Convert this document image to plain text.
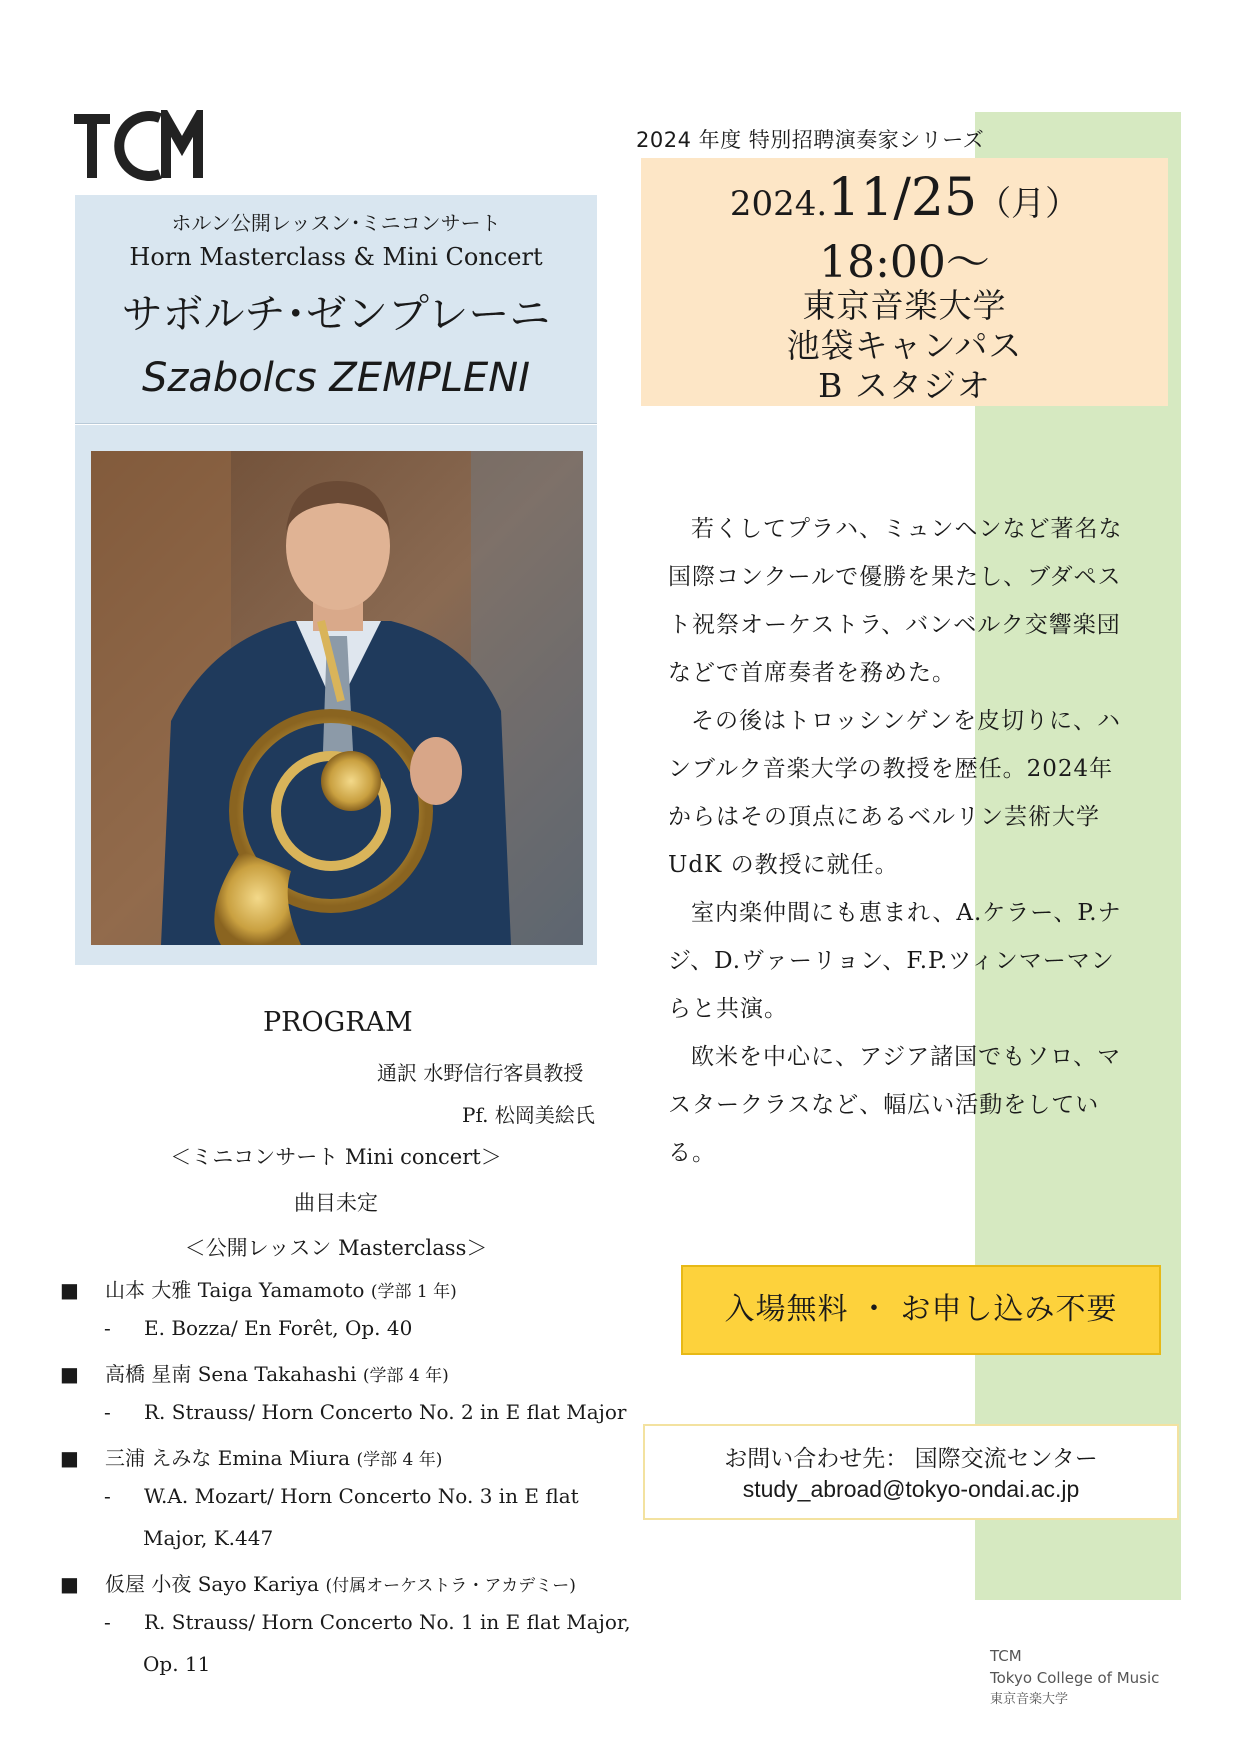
2024 年度 特別招聘演奏家シリーズ
2024.11/25（月）
18:00～
東京音楽大学
池袋キャンパス
B スタジオ
ホルン公開レッスン･ミニコンサート
Horn Masterclass & Mini Concert
サボルチ･ゼンプレーニ
Szabolcs ZEMPLENI

若くしてプラハ、ミュンヘンなど著名な国際コンクールで優勝を果たし、ブダペスト祝祭オーケストラ、バンベルク交響楽団などで首席奏者を務めた。

その後はトロッシンゲンを皮切りに、ハンブルク音楽大学の教授を歴任。2024年からはその頂点にあるベルリン芸術大学 UdK の教授に就任。

室内楽仲間にも恵まれ、A.ケラー、P.ナジ、D.ヴァーリョン、F.P.ツィンマーマンらと共演。

欧米を中心に、アジア諸国でもソロ、マスタークラスなど、幅広い活動をしている。

PROGRAM
通訳 水野信行客員教授
Pf. 松岡美絵氏
＜ミニコンサート Mini concert＞
曲目未定
＜公開レッスン Masterclass＞
■ 山本 大雅 Taiga Yamamoto (学部 1 年)
- E. Bozza/ En Forêt, Op. 40
■ 高橋 星南 Sena Takahashi (学部 4 年)
- R. Strauss/ Horn Concerto No. 2 in E flat Major
■ 三浦 えみな Emina Miura (学部 4 年)
- W.A. Mozart/ Horn Concerto No. 3 in E flat
Major, K.447
■ 仮屋 小夜 Sayo Kariya (付属オーケストラ・アカデミー)
- R. Strauss/ Horn Concerto No. 1 in E flat Major,
Op. 11
入場無料 ・ お申し込み不要
お問い合わせ先： 国際交流センター
study_abroad@tokyo-ondai.ac.jp
TCM
Tokyo College of Music
東京音楽大学
